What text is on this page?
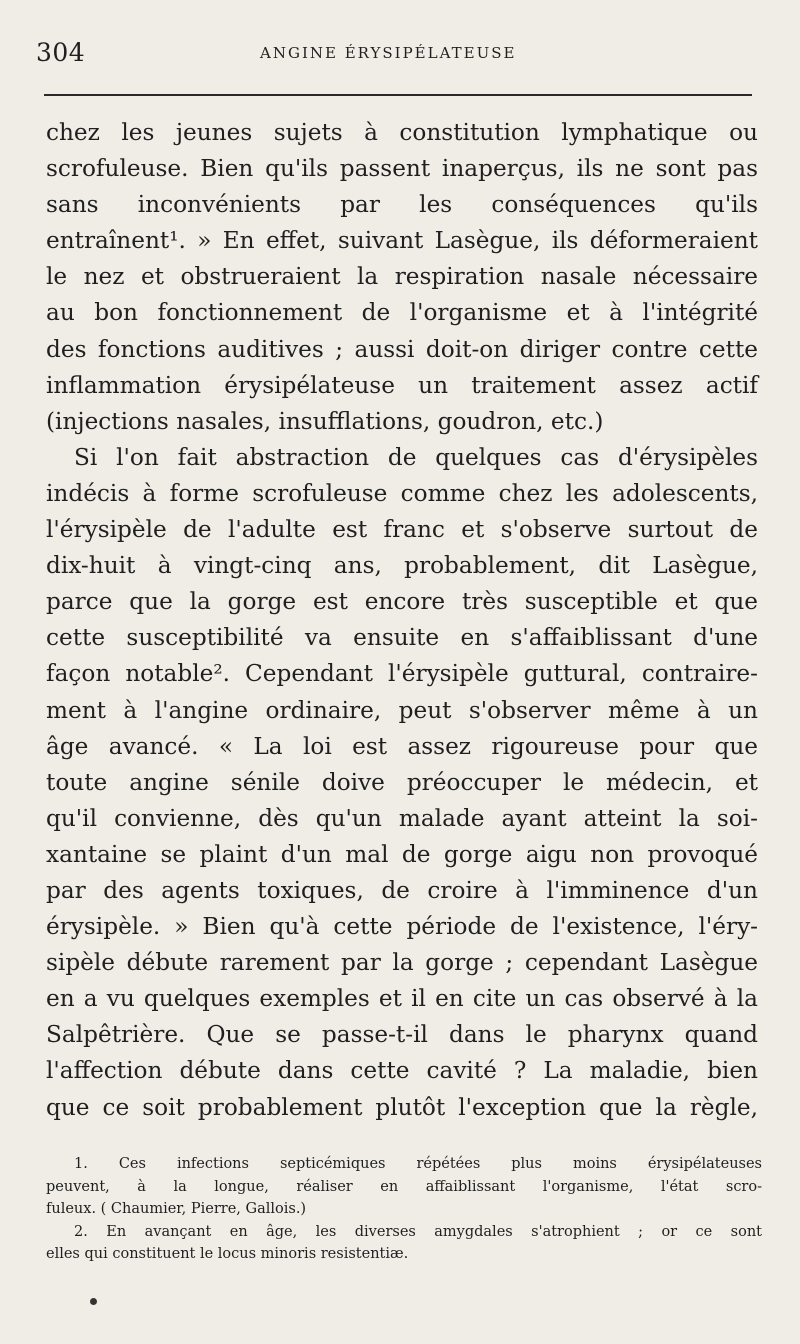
304	ANGINE ÉRYSIPÉLATEUSE
chez les jeunes sujets à constitution lymphatique ou
scrofuleuse. Bien qu'ils passent inaperçus, ils ne sont pas
sans inconvénients par les conséquences qu'ils
entraînent¹. » En effet, suivant Lasègue, ils déformeraient
le nez et obstrueraient la respiration nasale nécessaire
au bon fonctionnement de l'organisme et à l'intégrité
des fonctions auditives ; aussi doit-on diriger contre cette
inflammation érysipélateuse un traitement assez actif
(injections nasales, insufflations, goudron, etc.)
Si l'on fait abstraction de quelques cas d'érysipèles
indécis à forme scrofuleuse comme chez les adolescents,
l'érysipèle de l'adulte est franc et s'observe surtout de
dix-huit à vingt-cinq ans, probablement, dit Lasègue,
parce que la gorge est encore très susceptible et que
cette susceptibilité va ensuite en s'affaiblissant d'une
façon notable². Cependant l'érysipèle guttural, contraire-
ment à l'angine ordinaire, peut s'observer même à un
âge avancé. « La loi est assez rigoureuse pour que
toute angine sénile doive préoccuper le médecin, et
qu'il convienne, dès qu'un malade ayant atteint la soi-
xantaine se plaint d'un mal de gorge aigu non provoqué
par des agents toxiques, de croire à l'imminence d'un
érysipèle. » Bien qu'à cette période de l'existence, l'éry-
sipèle débute rarement par la gorge ; cependant Lasègue
en a vu quelques exemples et il en cite un cas observé à la
Salpêtrière. Que se passe-t-il dans le pharynx quand
l'affection débute dans cette cavité ? La maladie, bien
que ce soit probablement plutôt l'exception que la règle,
1. Ces infections septicémiques répétées plus moins érysipélateuses
peuvent, à la longue, réaliser en affaiblissant l'organisme, l'état scro-
fuleux. ( Chaumier, Pierre, Gallois.)
2. En avançant en âge, les diverses amygdales s'atrophient ; or ce sont
elles qui constituent le locus minoris resistentiæ.
